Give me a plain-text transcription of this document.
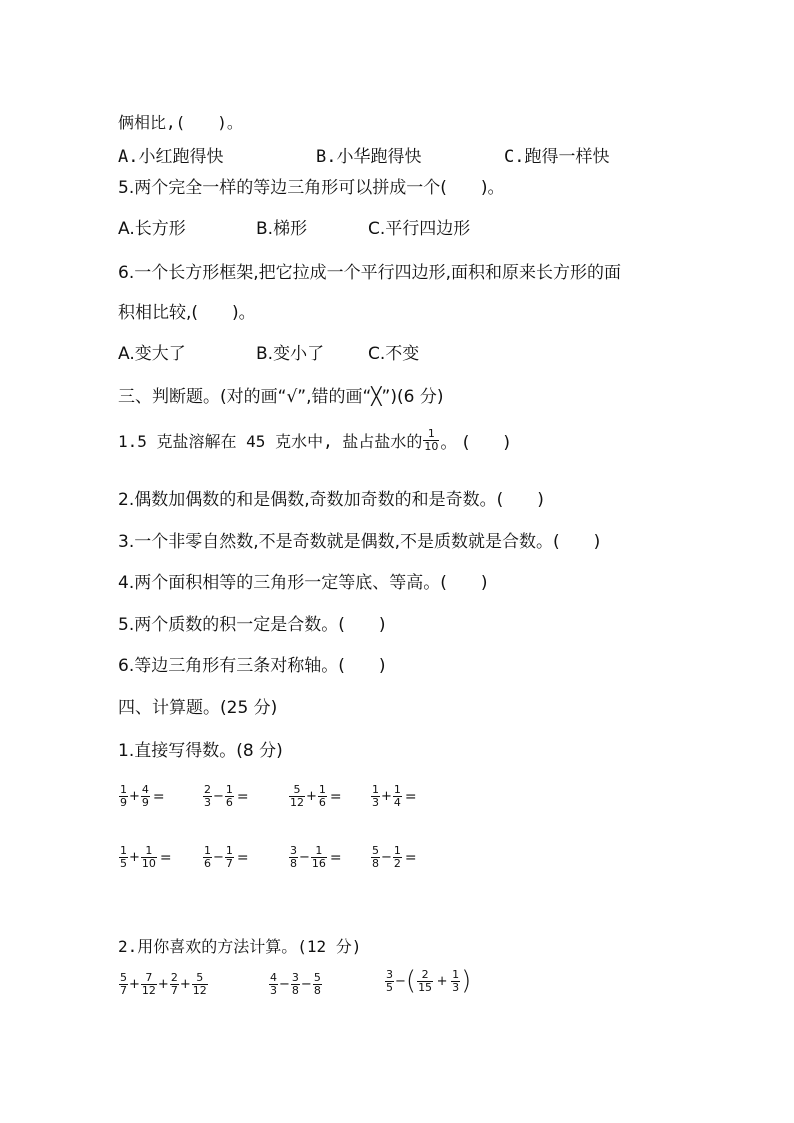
俩相比,(　　)。
A.小红跑得快	B.小华跑得快	C.跑得一样快
5.两个完全一样的等边三角形可以拼成一个(　　)。
A.长方形	B.梯形	C.平行四边形
6.一个长方形框架,把它拉成一个平行四边形,面积和原来长方形的面
积相比较,(　　)。
A.变大了	B.变小了	C.不变
三、判断题。(对的画“√”,错的画“╳”)(6 分)
1.5 克盐溶解在 45 克水中, 盐占盐水的 $\frac{1}{10}$ 。 (　　)
2.偶数加偶数的和是偶数,奇数加奇数的和是奇数。(　　)
3.一个非零自然数,不是奇数就是偶数,不是质数就是合数。(　　)
4.两个面积相等的三角形一定等底、等高。(　　)
5.两个质数的积一定是合数。(　　)
6.等边三角形有三条对称轴。(　　)
四、计算题。(25 分)
1.直接写得数。(8 分)
$\frac{1}{9} + \frac{4}{9}$ =	$\frac{2}{3} - \frac{1}{6}$ =	$\frac{5}{12} + \frac{1}{6}$ =	$\frac{1}{3} + \frac{1}{4}$ =
$\frac{1}{5} + \frac{1}{10}$ =	$\frac{1}{6} - \frac{1}{7}$ =	$\frac{3}{8} - \frac{1}{16}$ =	$\frac{5}{8} - \frac{1}{2}$ =
2.用你喜欢的方法计算。(12 分)
$\frac{5}{7} + \frac{7}{12} + \frac{2}{7} + \frac{5}{12}$	$\frac{4}{3} - \frac{3}{8} - \frac{5}{8}$	$\frac{3}{5}$ − ( $\frac{2}{15} + \frac{1}{3}$ )
